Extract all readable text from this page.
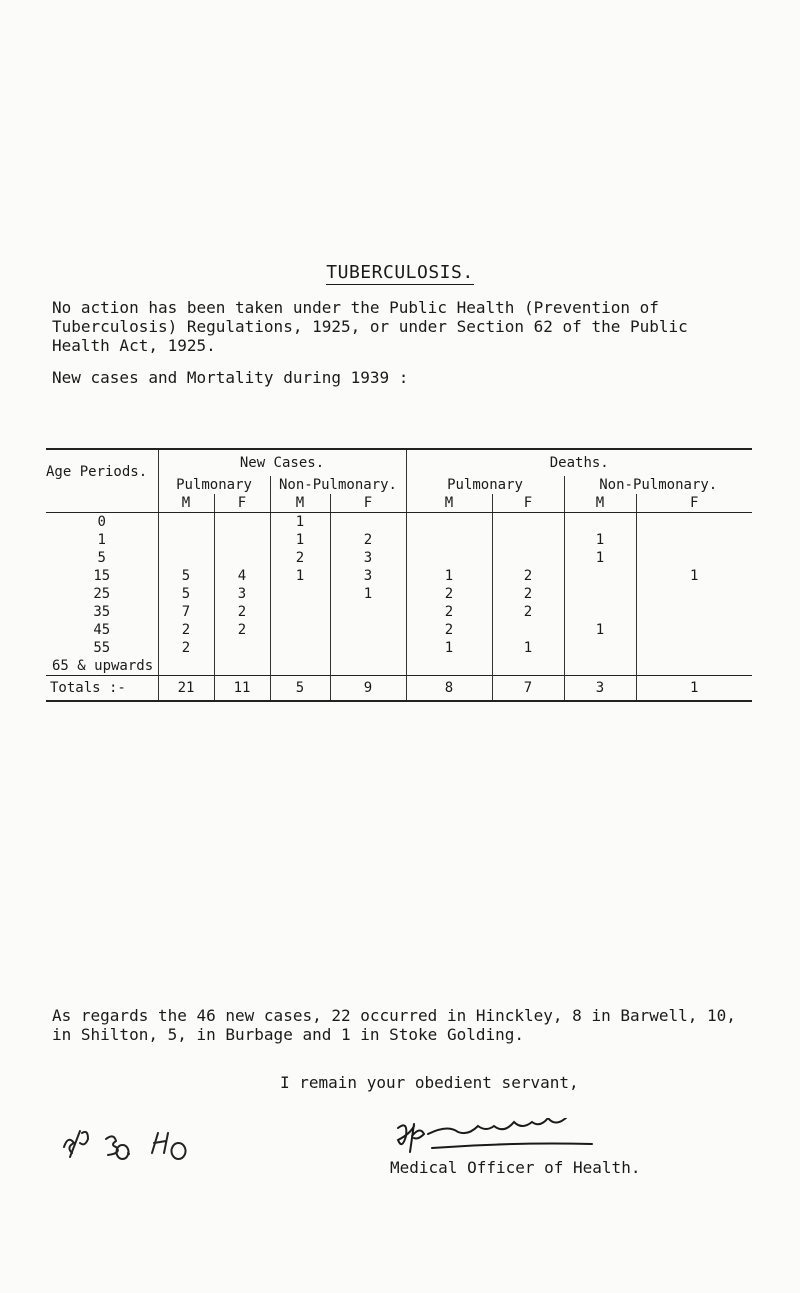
TUBERCULOSIS.
No action has been taken under the Public Health (Prevention of Tuberculosis) Regulations, 1925, or under Section 62 of the Public Health Act, 1925.
New cases and Mortality during 1939 :

Age Periods.	New Cases.				Deaths.			
	Pulmonary		Non-Pulmonary.		Pulmonary		Non-Pulmonary.	
	M	F	M	F	M	F	M	F
0			1					
1			1	2			1	
5			2	3			1	
15	5	4	1	3	1	2		1
25	5	3		1	2	2		
35	7	2			2	2		
45	2	2			2		1	
55	2				1	1		
65 & upwards								
Totals :-	21	11	5	9	8	7	3	1
As regards the 46 new cases, 22 occurred in Hinckley, 8 in Barwell, 10, in Shilton, 5, in Burbage and 1 in Stoke Golding.
I remain your obedient servant,
Medical Officer of Health.
